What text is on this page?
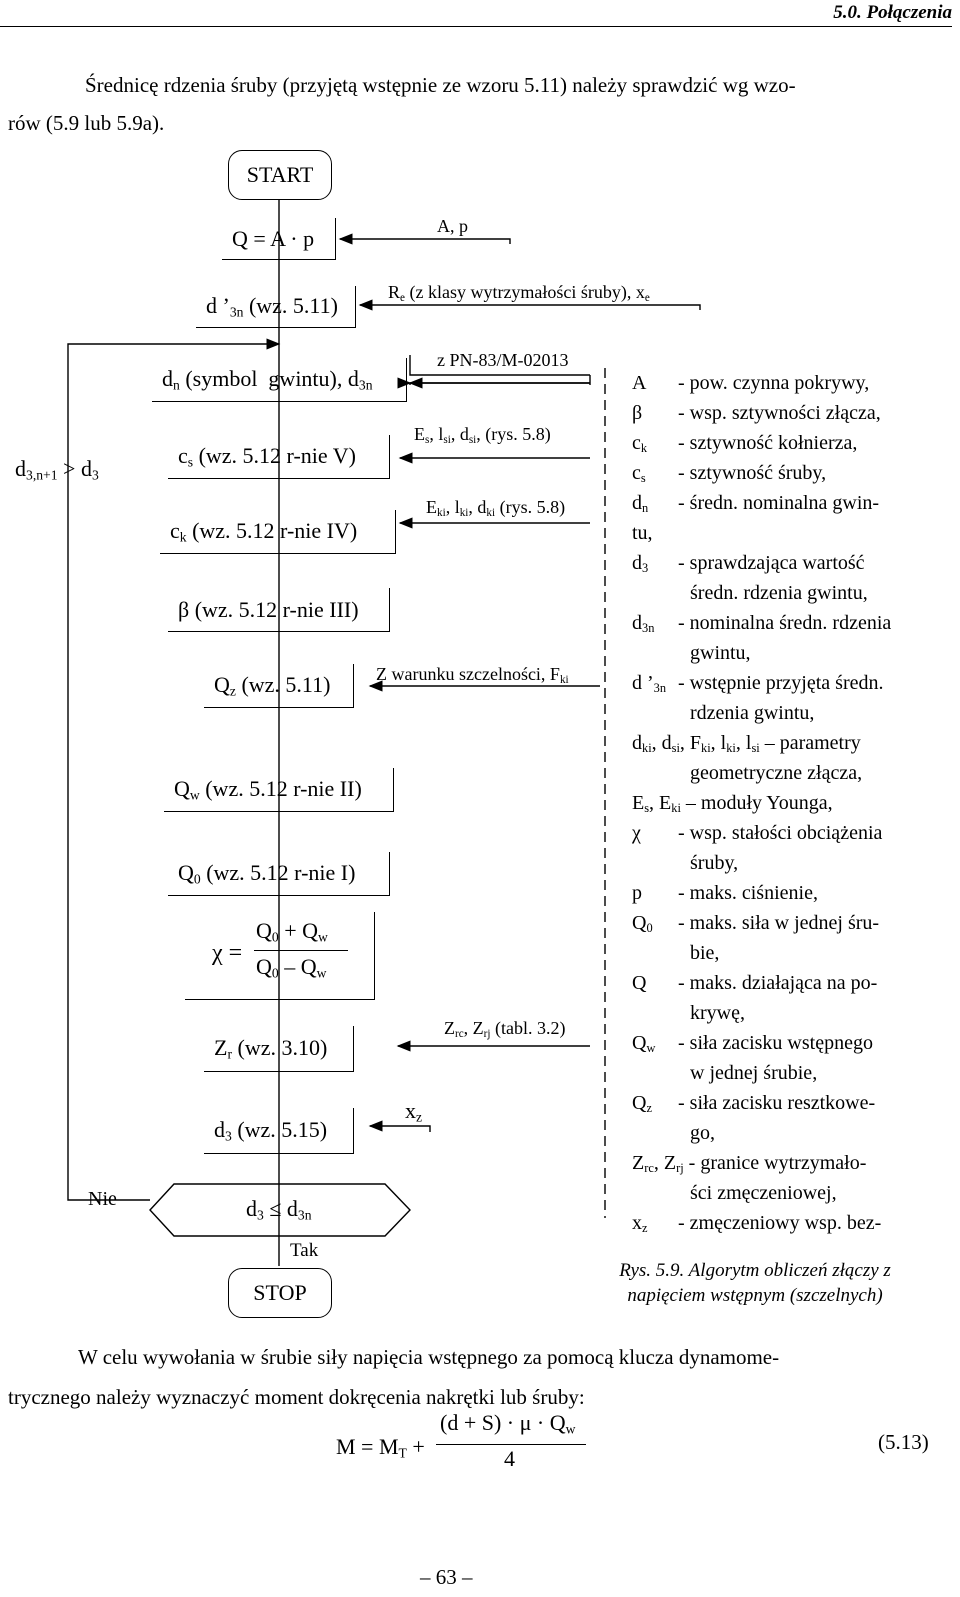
5.0. Połączenia
Średnicę rdzenia śruby (przyjętą wstępnie ze wzoru 5.11) należy sprawdzić wg wzo-
rów (5.9 lub 5.9a).
START
Q = A · p	A, p
d $’_{3n}$ (wz. 5.11)
$R_e$ (z klasy wytrzymałości śruby), $x_e$
$d_{3,n+1} > d_3$
$d_n$ (symbol  gwintu), $d_{3n}$
z PN-83/M-02013
$c_s$ (wz. 5.12 r-nie V)
$E_s$, $l_{si}$, $d_{si}$, (rys. 5.8)
$c_k$ (wz. 5.12 r-nie IV)
$E_{ki}$, $l_{ki}$, $d_{ki}$ (rys. 5.8)
β (wz. 5.12 r-nie III)
$Q_z$ (wz. 5.11)	Z warunku szczelności, $F_{ki}$
$Q_w$ (wz. 5.12 r-nie II)
$Q_0$ (wz. 5.12 r-nie I)
χ =
$Q_0 + Q_w$
$Q_0 - Q_w$
$Z_r$ (wz. 3.10)
$Z_{rc}$, $Z_{rj}$ (tabl. 3.2)
$d_3$ (wz. 5.15)
$x_z$
$d_3 \le d_{3n}$
Nie
Tak
STOP
A - pow. czynna pokrywy,
β - wsp. sztywności złącza,
$c_k$ - sztywność kołnierza,
$c_s$ - sztywność śruby,
$d_n$ - średn. nominalna gwin-
tu,
$d_3$ - sprawdzająca wartość
średn. rdzenia gwintu,
$d_{3n}$ - nominalna średn. rdzenia
gwintu,
d $’_{3n}$ - wstępnie przyjęta średn.
rdzenia gwintu,
$d_{ki}$, $d_{si}$, $F_{ki}$, $l_{ki}$, $l_{si}$ – parametry
geometryczne złącza,
$E_s$, $E_{ki}$ – moduły Younga,
χ - wsp. stałości obciążenia
śruby,
p - maks. ciśnienie,
$Q_0$ - maks. siła w jednej śru-
bie,
Q - maks. działająca na po-
krywę,
$Q_w$ - siła zacisku wstępnego
w jednej śrubie,
$Q_z$ - siła zacisku resztkowe-
go,
$Z_{rc}$, $Z_{rj}$ - granice wytrzymało-
ści zmęczeniowej,
$x_z$ - zmęczeniowy wsp. bez-
Rys. 5.9. Algorytm obliczeń złączy z
napięciem wstępnym (szczelnych)
W celu wywołania w śrubie siły napięcia wstępnego za pomocą klucza dynamome-
trycznego należy wyznaczyć moment dokręcenia nakrętki lub śruby:
$M = M_T$ +
$(d + S) \cdot \mu \cdot Q_w$
4
(5.13)
– 63 –
